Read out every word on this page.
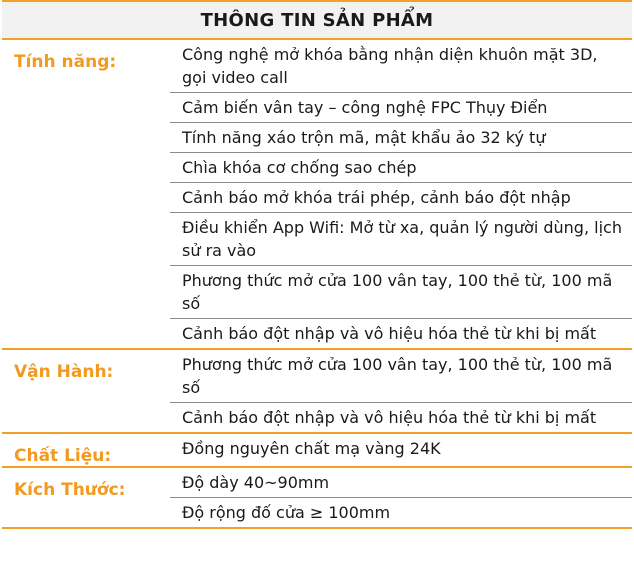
THÔNG TIN SẢN PHẨM
Tính năng:	Công nghệ mở khóa bằng nhận diện khuôn mặt 3D, gọi video call
Cảm biến vân tay – công nghệ FPC Thụy Điển
Tính năng xáo trộn mã, mật khẩu ảo 32 ký tự
Chìa khóa cơ chống sao chép
Cảnh báo mở khóa trái phép, cảnh báo đột nhập
Điều khiển App Wifi: Mở từ xa, quản lý người dùng, lịch sử ra vào
Phương thức mở cửa 100 vân tay, 100 thẻ từ, 100 mã số
Cảnh báo đột nhập và vô hiệu hóa thẻ từ khi bị mất
Vận Hành:	Phương thức mở cửa 100 vân tay, 100 thẻ từ, 100 mã số
Cảnh báo đột nhập và vô hiệu hóa thẻ từ khi bị mất
Chất Liệu:	Đồng nguyên chất mạ vàng 24K
Kích Thước:	Độ dày 40~90mm
Độ rộng đố cửa ≥ 100mm
